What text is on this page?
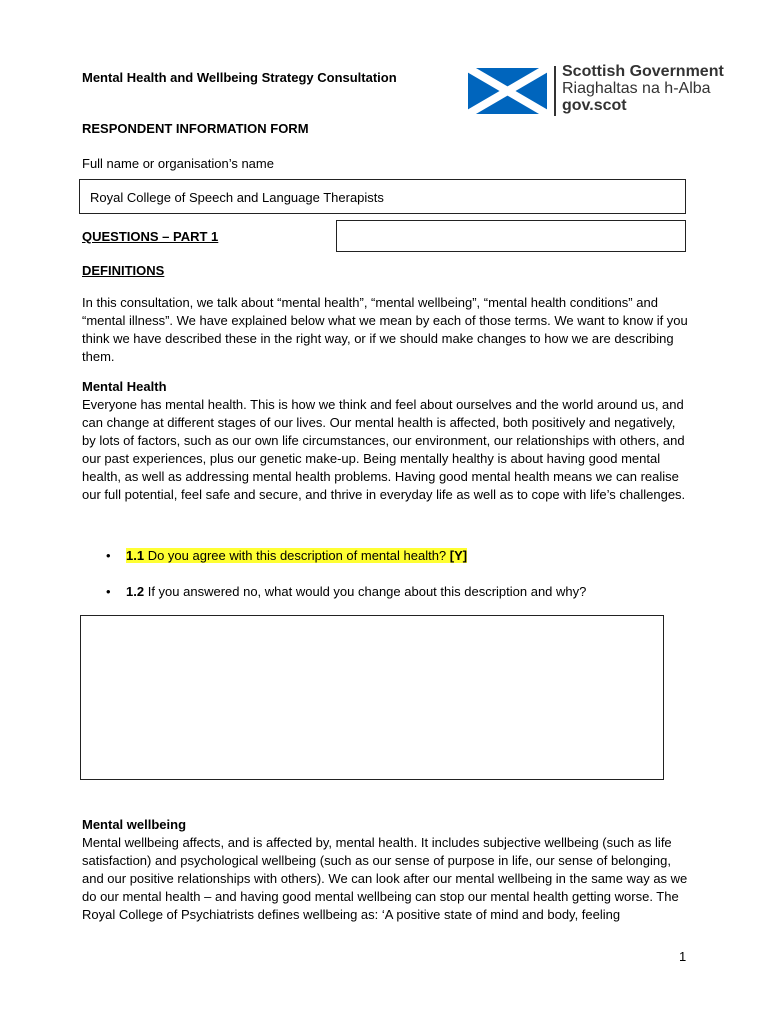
Mental Health and Wellbeing Strategy Consultation	Scottish Government
Riaghaltas na h-Alba
gov.scot
RESPONDENT INFORMATION FORM
Full name or organisation’s name
Royal College of Speech and Language Therapists
QUESTIONS – PART 1
DEFINITIONS
In this consultation, we talk about “mental health”, “mental wellbeing”, “mental health conditions” and “mental illness”. We have explained below what we mean by each of those terms. We want to know if you think we have described these in the right way, or if we should make changes to how we are describing them.
Mental Health
Everyone has mental health. This is how we think and feel about ourselves and the world around us, and can change at different stages of our lives. Our mental health is affected, both positively and negatively, by lots of factors, such as our own life circumstances, our environment, our relationships with others, and our past experiences, plus our genetic make-up. Being mentally healthy is about having good mental health, as well as addressing mental health problems. Having good mental health means we can realise our full potential, feel safe and secure, and thrive in everyday life as well as to cope with life’s challenges.
• 1.1 Do you agree with this description of mental health? [Y]
• 1.2 If you answered no, what would you change about this description and why?
Mental wellbeing
Mental wellbeing affects, and is affected by, mental health. It includes subjective wellbeing (such as life satisfaction) and psychological wellbeing (such as our sense of purpose in life, our sense of belonging, and our positive relationships with others). We can look after our mental wellbeing in the same way as we do our mental health – and having good mental wellbeing can stop our mental health getting worse. The Royal College of Psychiatrists defines wellbeing as: ‘A positive state of mind and body, feeling
1
